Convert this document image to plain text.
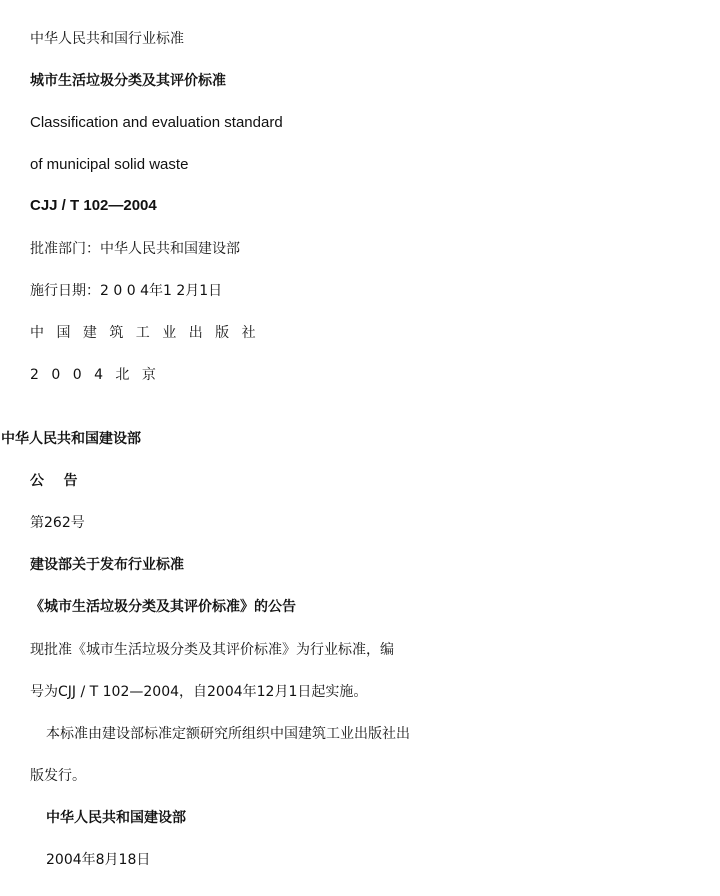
中华人民共和国行业标准

城市生活垃圾分类及其评价标准

Classification and evaluation standard

of municipal solid waste

CJJ / T 102—2004

批准部门：中华人民共和国建设部

施行日期：2 0 0 4年1 2月1日

中 国 建 筑 工 业 出 版 社

2 0 0 4 北 京

中华人民共和国建设部

公    告

第262号

建设部关于发布行业标准

《城市生活垃圾分类及其评价标准》的公告

现批准《城市生活垃圾分类及其评价标准》为行业标准，编

号为CJJ / T 102—2004，自2004年12月1日起实施。

本标准由建设部标准定额研究所组织中国建筑工业出版社出

版发行。

中华人民共和国建设部

2004年8月18日
